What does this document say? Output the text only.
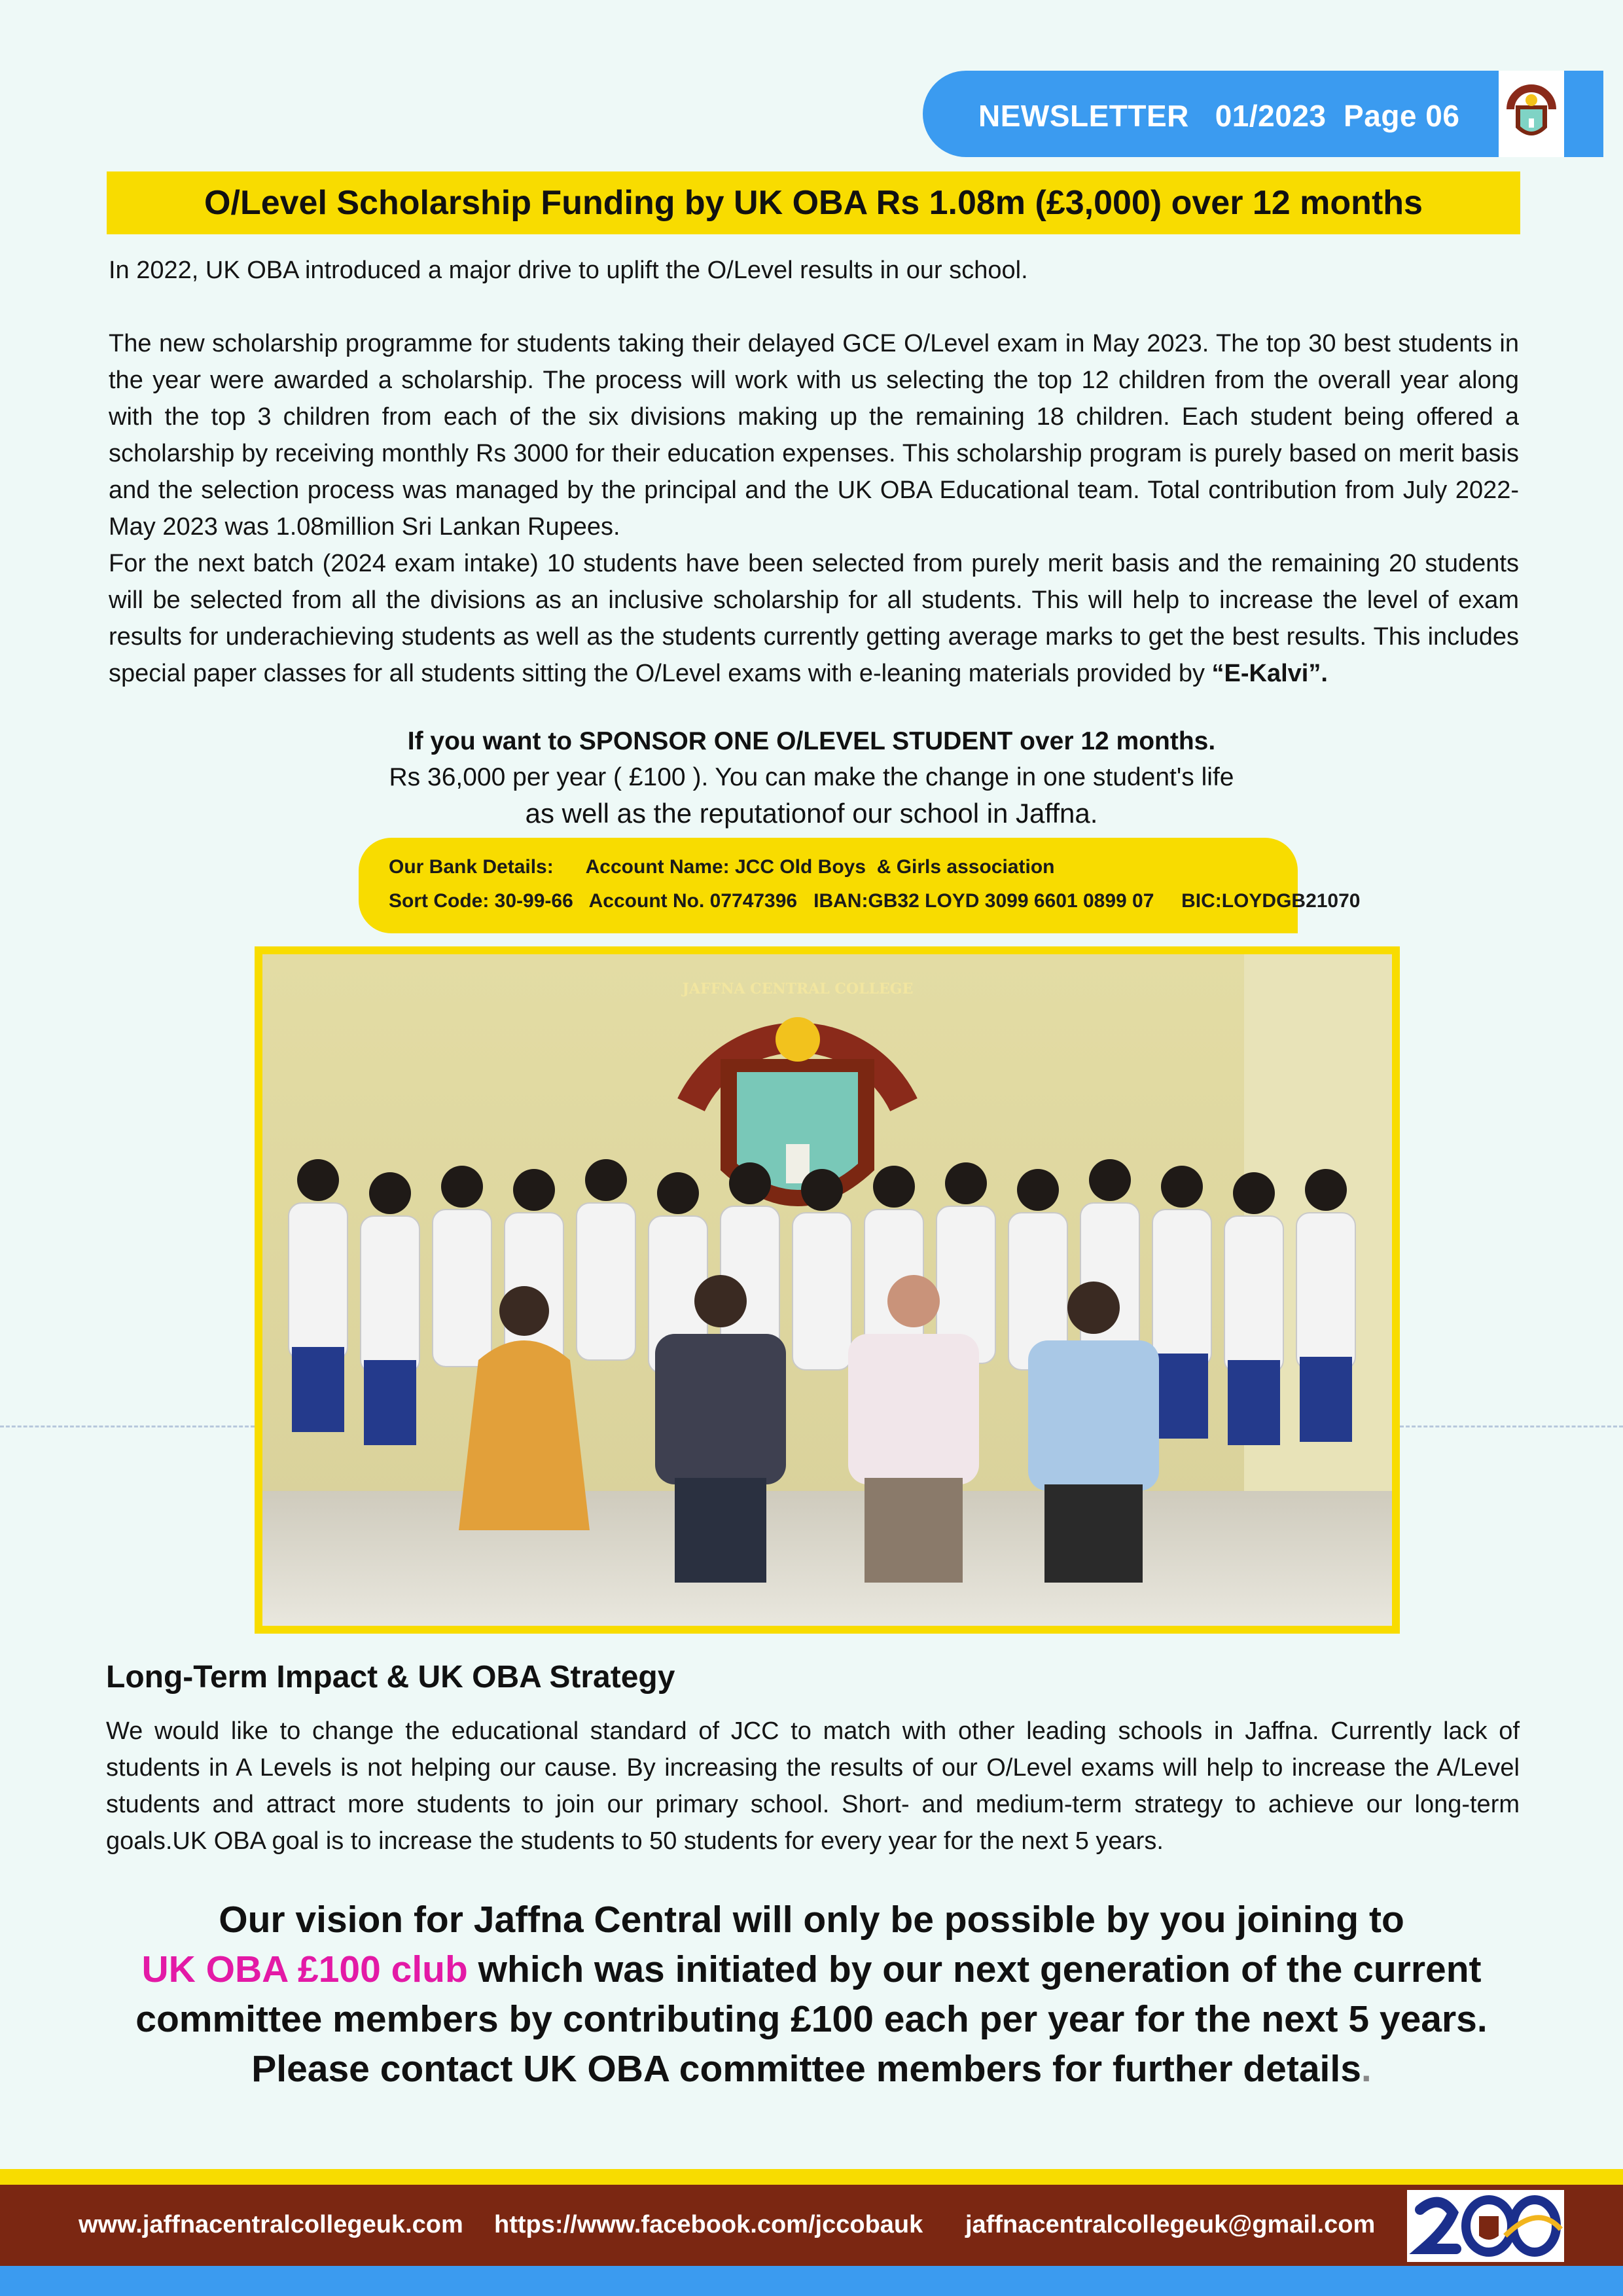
NEWSLETTER   01/2023  Page 06
O/Level Scholarship Funding by UK OBA Rs 1.08m (£3,000) over 12 months
In 2022, UK OBA introduced a major drive to uplift the O/Level results in our school.
The new scholarship programme for students taking their delayed GCE O/Level exam in May 2023. The top 30 best students in the year were awarded a scholarship. The process will work with us selecting the top 12 children from the overall year along with the top 3 children from each of the six divisions making up the remaining 18 children. Each student being offered a scholarship by receiving monthly Rs 3000 for their education expenses. This scholarship program is purely based on merit basis and the selection process was managed by the principal and the UK OBA Educational team. Total contribution from July 2022-May 2023 was 1.08million Sri Lankan Rupees.
For the next batch (2024 exam intake) 10 students have been selected from purely merit basis and the remaining 20 students will be selected from all the divisions as an inclusive scholarship for all students. This will help to increase the level of exam results for underachieving students as well as the students currently getting average marks to get the best results. This includes special paper classes for all students sitting the O/Level exams with e-leaning materials provided by “E-Kalvi”.
If you want to SPONSOR ONE O/LEVEL STUDENT over 12 months.
Rs 36,000 per year ( £100 ). You can make the change in one student's life
as well as the reputationof our school in Jaffna.
Our Bank Details:      Account Name: JCC Old Boys  & Girls association
Sort Code: 30-99-66   Account No. 07747396   IBAN:GB32 LOYD 3099 6601 0899 07     BIC:LOYDGB21070
JAFFNA CENTRAL COLLEGE
Long-Term Impact & UK OBA Strategy
We would like to change the educational standard of JCC to match with other leading schools in Jaffna. Currently lack of students in A Levels is not helping our cause. By increasing the results of our O/Level exams will help to increase the A/Level students and attract more students to join our primary school. Short- and medium-term strategy to achieve our long-term goals.UK OBA goal is to increase the students to 50 students for every year for the next 5 years.
Our vision for Jaffna Central will only be possible by you joining to
UK OBA £100 club which was initiated by our next generation of the current
committee members by contributing £100 each per year for the next 5 years.
Please contact UK OBA committee members for further details.
www.jaffnacentralcollegeuk.com https://www.facebook.com/jccobauk jaffnacentralcollegeuk@gmail.com
